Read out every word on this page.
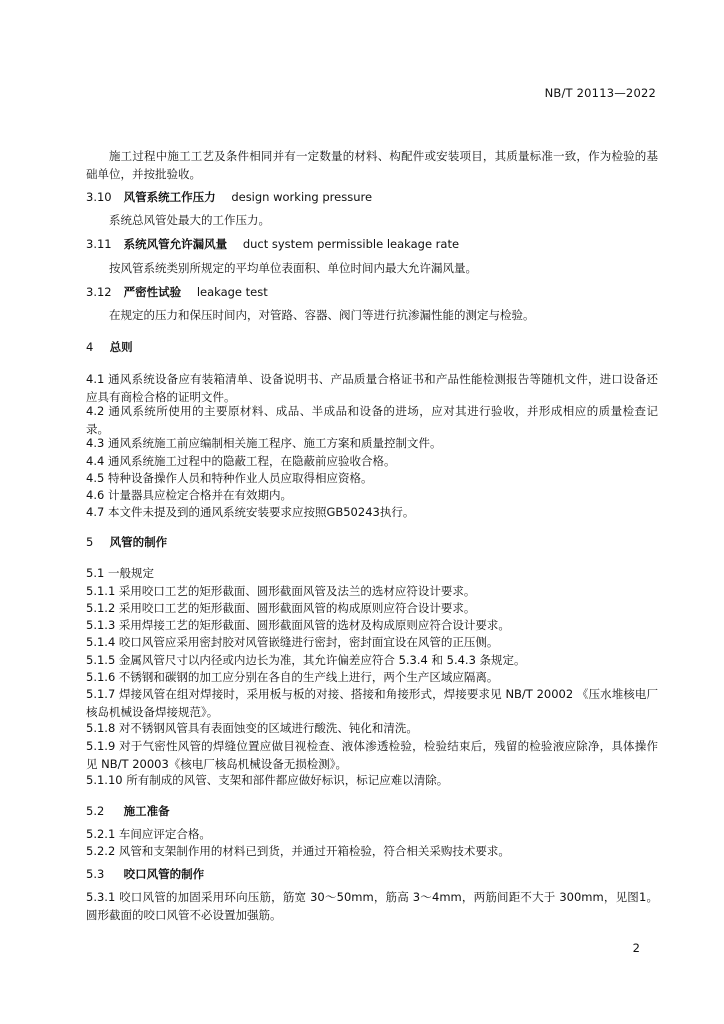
NB/T 20113—2022
施工过程中施工工艺及条件相同并有一定数量的材料、构配件或安装项目，其质量标准一致，作为检验的基础单位，并按批验收。
3.10 风管系统工作压力 design working pressure
系统总风管处最大的工作压力。
3.11 系统风管允许漏风量 duct system permissible leakage rate
按风管系统类别所规定的平均单位表面积、单位时间内最大允许漏风量。
3.12 严密性试验 leakage test
在规定的压力和保压时间内，对管路、容器、阀门等进行抗渗漏性能的测定与检验。
4 总则
4.1 通风系统设备应有装箱清单、设备说明书、产品质量合格证书和产品性能检测报告等随机文件，进口设备还应具有商检合格的证明文件。
4.2 通风系统所使用的主要原材料、成品、半成品和设备的进场，应对其进行验收，并形成相应的质量检查记录。
4.3 通风系统施工前应编制相关施工程序、施工方案和质量控制文件。
4.4 通风系统施工过程中的隐蔽工程，在隐蔽前应验收合格。
4.5 特种设备操作人员和特种作业人员应取得相应资格。
4.6 计量器具应检定合格并在有效期内。
4.7 本文件未提及到的通风系统安装要求应按照GB50243执行。
5 风管的制作
5.1 一般规定
5.1.1 采用咬口工艺的矩形截面、圆形截面风管及法兰的选材应符设计要求。
5.1.2 采用咬口工艺的矩形截面、圆形截面风管的构成原则应符合设计要求。
5.1.3 采用焊接工艺的矩形截面、圆形截面风管的选材及构成原则应符合设计要求。
5.1.4 咬口风管应采用密封胶对风管嵌缝进行密封，密封面宜设在风管的正压侧。
5.1.5 金属风管尺寸以内径或内边长为准，其允许偏差应符合 5.3.4 和 5.4.3 条规定。
5.1.6 不锈钢和碳钢的加工应分别在各自的生产线上进行，两个生产区域应隔离。
5.1.7 焊接风管在组对焊接时，采用板与板的对接、搭接和角接形式，焊接要求见 NB/T 20002 《压水堆核电厂核岛机械设备焊接规范》。
5.1.8 对不锈钢风管具有表面蚀变的区域进行酸洗、钝化和清洗。
5.1.9 对于气密性风管的焊缝位置应做目视检查、液体渗透检验，检验结束后，残留的检验液应除净，具体操作见 NB/T 20003《核电厂核岛机械设备无损检测》。
5.1.10 所有制成的风管、支架和部件都应做好标识，标记应难以清除。
5.2 施工准备
5.2.1 车间应评定合格。
5.2.2 风管和支架制作用的材料已到货，并通过开箱检验，符合相关采购技术要求。
5.3 咬口风管的制作
5.3.1 咬口风管的加固采用环向压筋，筋宽 30～50mm，筋高 3～4mm，两筋间距不大于 300mm，见图1。圆形截面的咬口风管不必设置加强筋。
2
